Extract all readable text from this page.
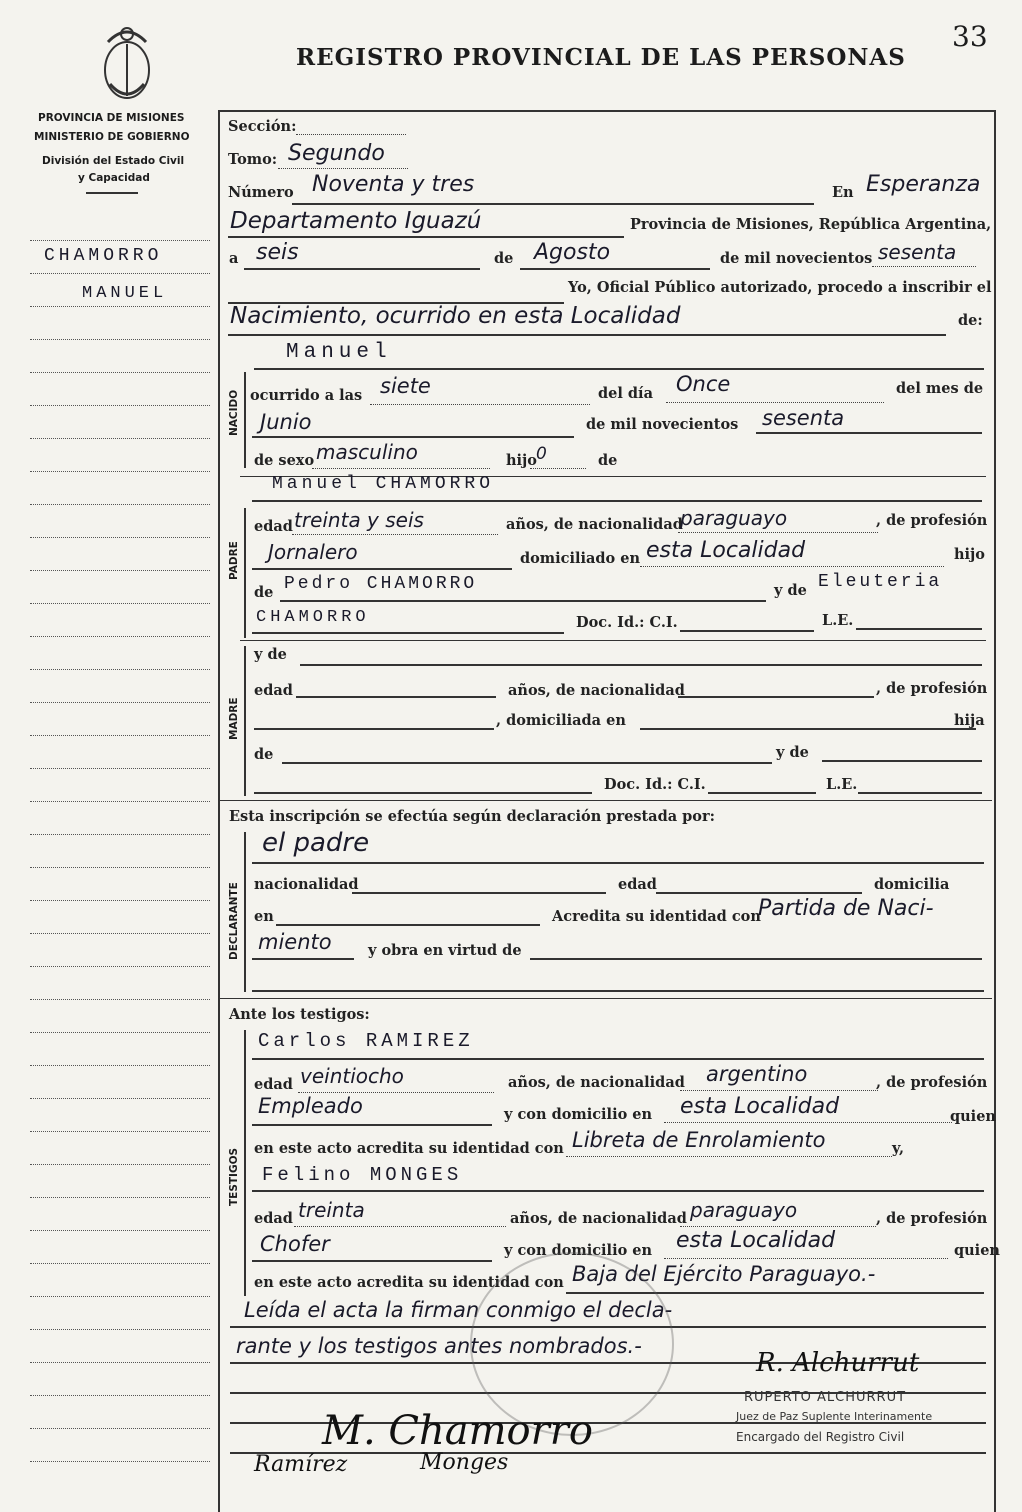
REGISTRO PROVINCIAL DE LAS PERSONAS
33
PROVINCIA DE MISIONES
MINISTERIO DE GOBIERNO
División del Estado Civil
y Capacidad
CHAMORRO
MANUEL
Sección:
Tomo: Segundo
Número Noventa y tres	En Esperanza
Departamento Iguazú	Provincia de Misiones, República Argentina,
a seis	de Agosto	de mil novecientos sesenta
Yo, Oficial Público autorizado, procedo a inscribir el
Nacimiento, ocurrido en esta Localidad	de:
NACIDO
Manuel
ocurrido a las siete	del día Once	del mes de
Junio	de mil novecientos sesenta
de sexo masculino	hijo 0	de
Manuel CHAMORRO
PADRE
edad treinta y seis	años, de nacionalidad
paraguayo	, de profesión
Jornalero	domiciliado en esta Localidad	hijo
de Pedro CHAMORRO	y de Eleuteria
CHAMORRO	Doc. Id.: C.I.	L.E.
MADRE
y de
edad	años, de nacionalidad	, de profesión
, domiciliada en	hija
de	y de
Doc. Id.: C.I.	L.E.
Esta inscripción se efectúa según declaración prestada por:
DECLARANTE
el padre
nacionalidad	edad	domicilia
en	Acredita su identidad con
Partida de Naci-
miento	y obra en virtud de
Ante los testigos:
TESTIGOS
Carlos RAMIREZ
edad veintiocho	años, de nacionalidad argentino	, de profesión
Empleado	y con domicilio en esta Localidad	quien
en este acto acredita su identidad con Libreta de Enrolamiento	y,
Felino MONGES
edad treinta	años, de nacionalidad paraguayo	, de profesión
Chofer	y con domicilio en esta Localidad	quien
en este acto acredita su identidad con Baja del Ejército Paraguayo.-
Leída el acta la firman conmigo el decla-
rante y los testigos antes nombrados.-
R. Alchurrut
RUPERTO ALCHURRUT
Juez de Paz Suplente Interinamente
Encargado del Registro Civil
M. Chamorro
Ramírez	Monges
